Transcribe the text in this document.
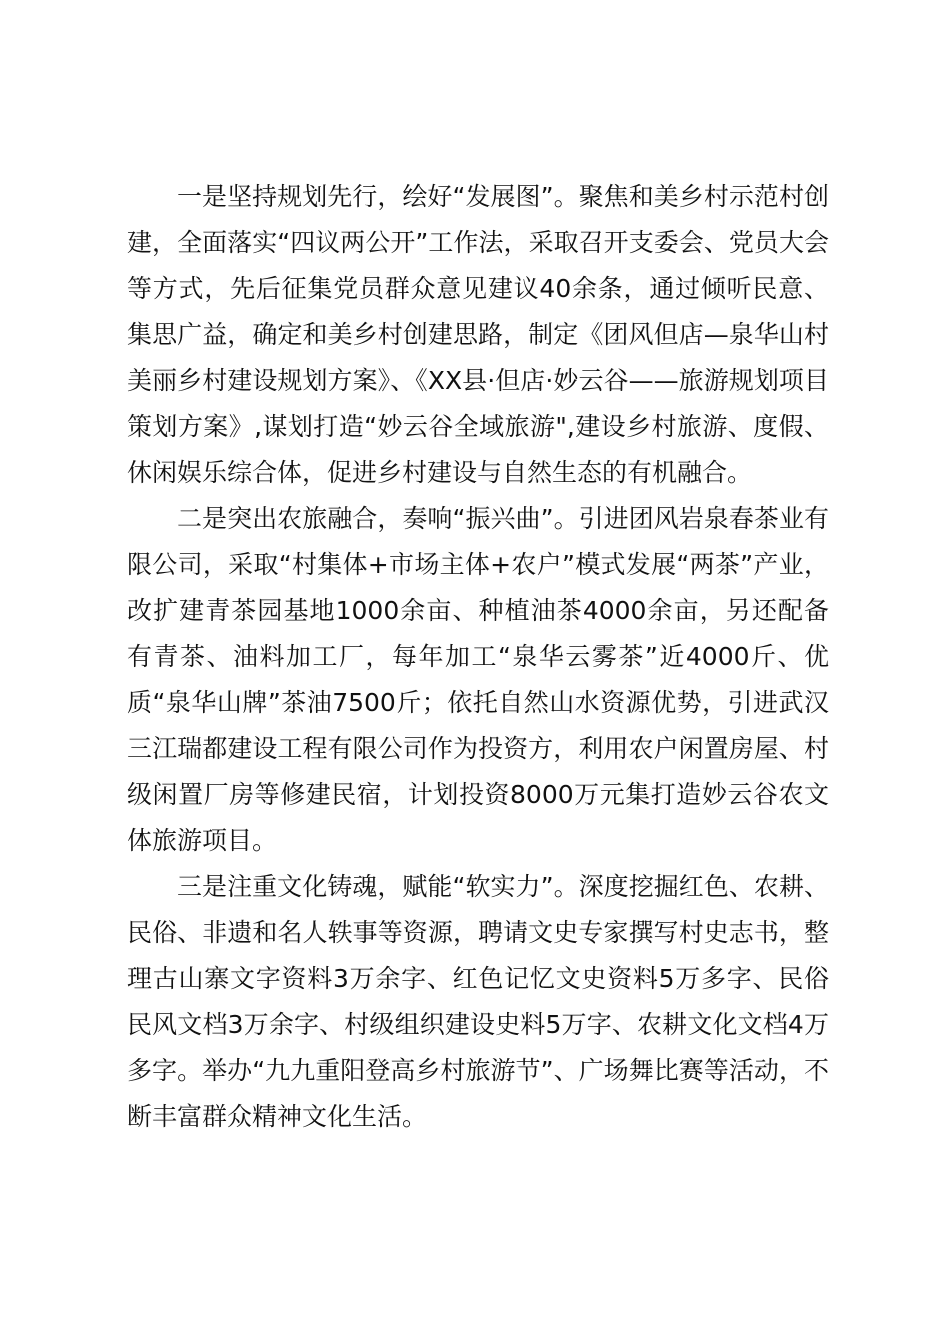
一是坚持规划先行，绘好“发展图”。聚焦和美乡村示范村创建，全面落实“四议两公开”工作法，采取召开支委会、党员大会等方式，先后征集党员群众意见建议40余条，通过倾听民意、集思广益，确定和美乡村创建思路，制定《团风但店—泉华山村美丽乡村建设规划方案》、《XX县·但店·妙云谷——旅游规划项目策划方案》,谋划打造“妙云谷全域旅游",建设乡村旅游、度假、休闲娱乐综合体，促进乡村建设与自然生态的有机融合。

二是突出农旅融合，奏响“振兴曲”。引进团风岩泉春茶业有限公司，采取“村集体+市场主体+农户”模式发展“两茶”产业，改扩建青茶园基地1000余亩、种植油茶4000余亩，另还配备有青茶、油料加工厂，每年加工“泉华云雾茶”近4000斤、优质“泉华山牌”茶油7500斤；依托自然山水资源优势，引进武汉三江瑞都建设工程有限公司作为投资方，利用农户闲置房屋、村级闲置厂房等修建民宿，计划投资8000万元集打造妙云谷农文体旅游项目。

三是注重文化铸魂，赋能“软实力”。深度挖掘红色、农耕、民俗、非遗和名人轶事等资源，聘请文史专家撰写村史志书，整理古山寨文字资料3万余字、红色记忆文史资料5万多字、民俗民风文档3万余字、村级组织建设史料5万字、农耕文化文档4万多字。举办“九九重阳登高乡村旅游节”、广场舞比赛等活动，不断丰富群众精神文化生活。
